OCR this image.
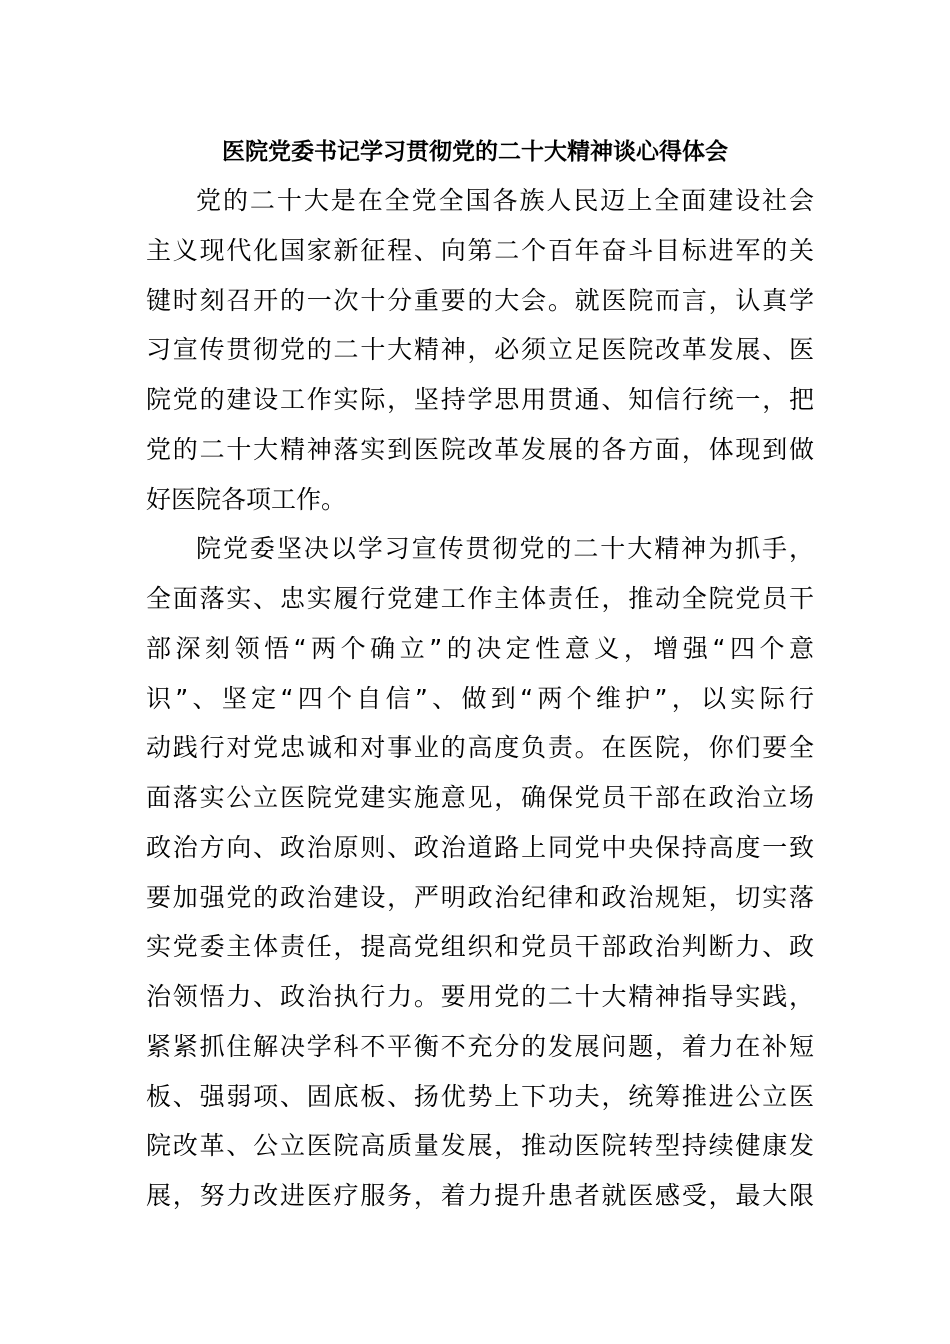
医院党委书记学习贯彻党的二十大精神谈心得体会
党的二十大是在全党全国各族人民迈上全面建设社会
主义现代化国家新征程、向第二个百年奋斗目标进军的关
键时刻召开的一次十分重要的大会。就医院而言，认真学
习宣传贯彻党的二十大精神，必须立足医院改革发展、医
院党的建设工作实际，坚持学思用贯通、知信行统一，把
党的二十大精神落实到医院改革发展的各方面，体现到做
好医院各项工作。
院党委坚决以学习宣传贯彻党的二十大精神为抓手，
全面落实、忠实履行党建工作主体责任，推动全院党员干
部深刻领悟“两个确立”的决定性意义，增强“四个意
识”、坚定“四个自信”、做到“两个维护”，以实际行
动践行对党忠诚和对事业的高度负责。在医院，你们要全
面落实公立医院党建实施意见，确保党员干部在政治立场
政治方向、政治原则、政治道路上同党中央保持高度一致
要加强党的政治建设，严明政治纪律和政治规矩，切实落
实党委主体责任，提高党组织和党员干部政治判断力、政
治领悟力、政治执行力。要用党的二十大精神指导实践，
紧紧抓住解决学科不平衡不充分的发展问题，着力在补短
板、强弱项、固底板、扬优势上下功夫，统筹推进公立医
院改革、公立医院高质量发展，推动医院转型持续健康发
展，努力改进医疗服务，着力提升患者就医感受，最大限
